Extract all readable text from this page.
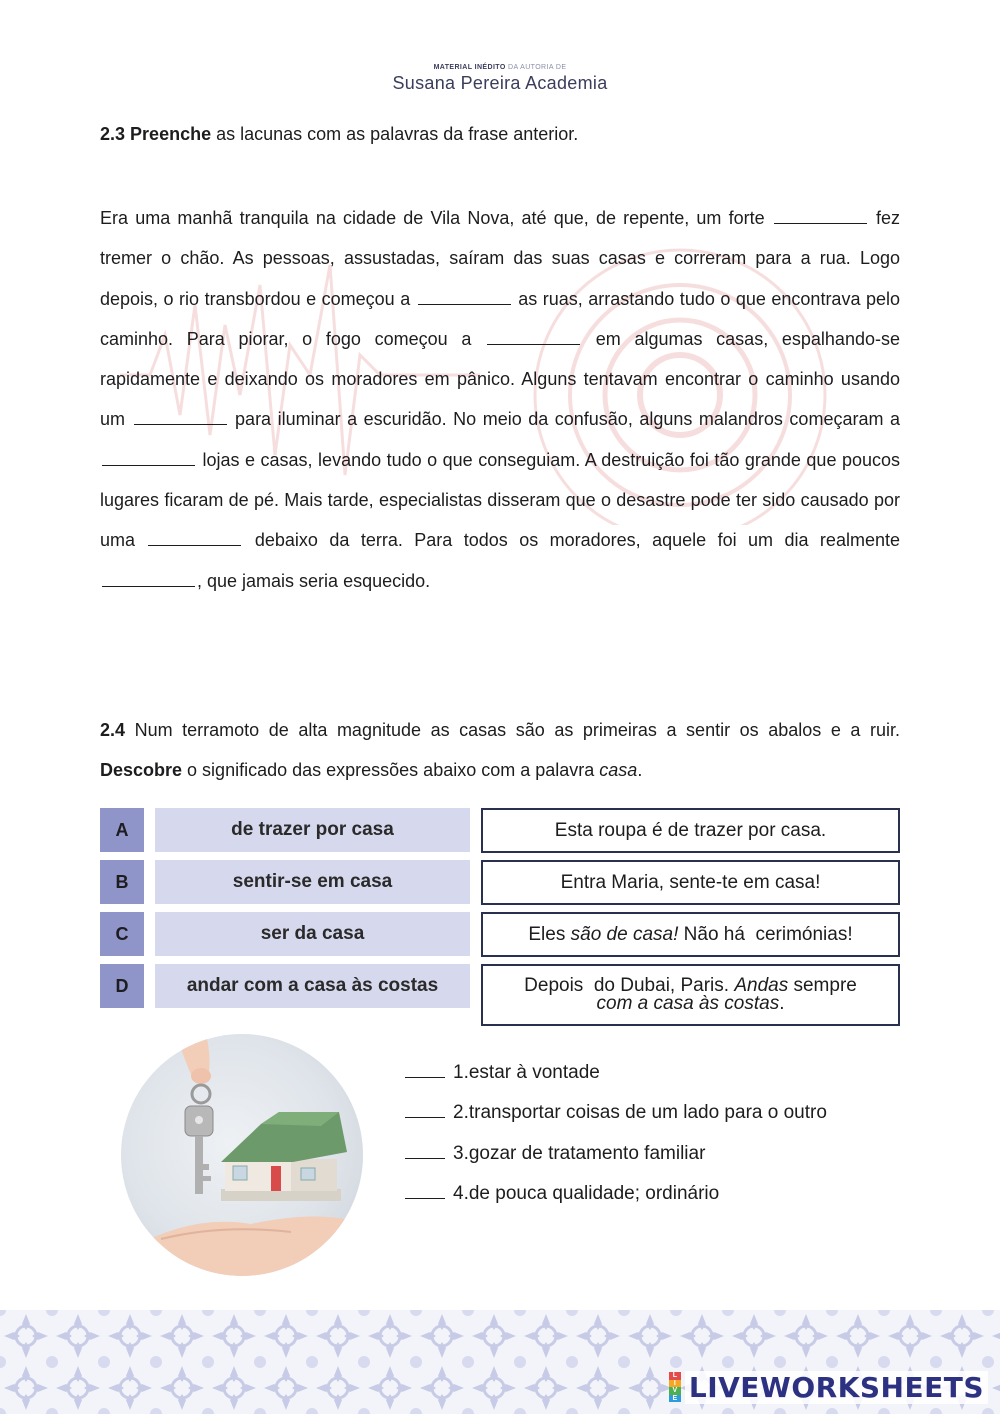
MATERIAL INÉDITO DA AUTORIA DE
Susana Pereira Academia
2.3 Preenche as lacunas com as palavras da frase anterior.
Era uma manhã tranquila na cidade de Vila Nova, até que, de repente, um forte	fez tremer o chão. As pessoas, assustadas, saíram das suas casas e correram para a rua. Logo depois, o rio transbordou e começou a	as ruas, arrastando tudo o que encontrava pelo caminho. Para piorar, o fogo começou a	em algumas casas, espalhando-se rapidamente e deixando os moradores em pânico. Alguns tentavam encontrar o caminho usando um	para iluminar a escuridão. No meio da confusão, alguns malandros começaram a  lojas e casas, levando tudo o que conseguiam. A destruição foi tão grande que poucos lugares ficaram de pé. Mais tarde, especialistas disseram que o desastre pode ter sido causado por uma	debaixo da terra. Para todos os moradores, aquele foi um dia realmente , que jamais seria esquecido.
2.4 Num terramoto de alta magnitude as casas são as primeiras a sentir os abalos e a ruir. Descobre o significado das expressões abaixo com a palavra casa.
A	de trazer por casa	Esta roupa é de trazer por casa.
B	sentir-se em casa	Entra Maria, sente-te em casa!
C	ser da casa	Eles são de casa! Não há  cerimónias!
D	andar com a casa às costas	Depois  do Dubai, Paris. Andas sempre
com a casa às costas.
1.estar à vontade
2.transportar coisas de um lado para o outro
3.gozar de tratamento familiar
4.de pouca qualidade; ordinário
L
I
V
E LIVEWORKSHEETS
